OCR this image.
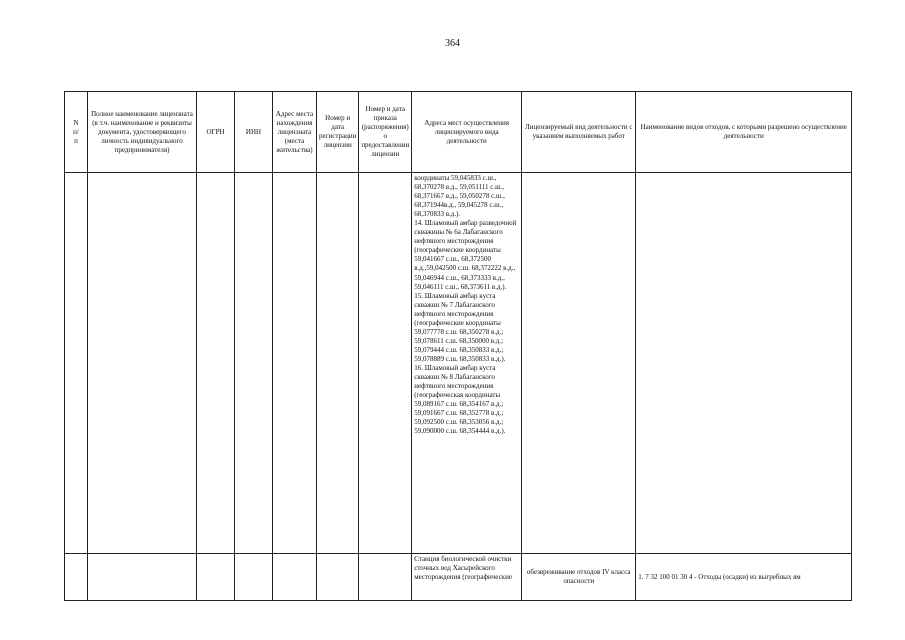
364
N
п/
п	Полное наименование лицензиата (в т.ч. наименование и реквизиты документа, удостоверяющего личность индивидуального предпринимателя)	ОГРН	ИНН	Адрес места нахождения лицензиата (места жительства)	Номер и дата регистрации лицензии	Номер и дата приказа (распоряжения) о предоставлении лицензии	Адреса мест осуществления лицензируемого вида деятельности	Лицензируемый вид деятельности с указанием выполняемых работ	Наименование видов отходов, с которыми разрешено осуществление деятельности
							координаты 59,045833 с.ш., 68,370278 в.д., 59,051111 с.ш., 68,371667 в.д., 59,050278 с.ш., 68,371944в.д., 59,045278 с.ш., 68,370833 в.д.).
14. Шламовый амбар разведочной скважины № 6а Лабаганского нефтяного месторождения (географические координаты 59,041667 с.ш., 68,372500 в.д.,59,042500 с.ш. 68,372222 в.д., 59,046944 с.ш., 68,373333 в.д., 59,046111 с.ш., 68,373611 в.д.).
15. Шламовый амбар куста скважин № 7 Лабаганского нефтяного месторождения (географические координаты 59,077778 с.ш. 68,350278 в.д.; 59,078611 с.ш. 68,350000 в.д.; 59,079444 с.ш. 68,350833 в.д.; 59,078889 с.ш. 68,350833 в.д.).
16. Шламовый амбар куста скважин № 8 Лабаганского нефтяного месторождения (географическая координаты 59,089167 с.ш. 68,354167 в.д.; 59,091667 с.ш. 68,352778 в.д.; 59,092500 с.ш. 68,353056 в.д.; 59,090000 с.ш. 68,354444 в.д.).		
							Станция биологической очистки сточных вод Хасырейского месторождения (географические	обезвреживание отходов IV класса опасности	1. 7 32 100 01 30 4 - Отходы (осадки) из выгребных ям
